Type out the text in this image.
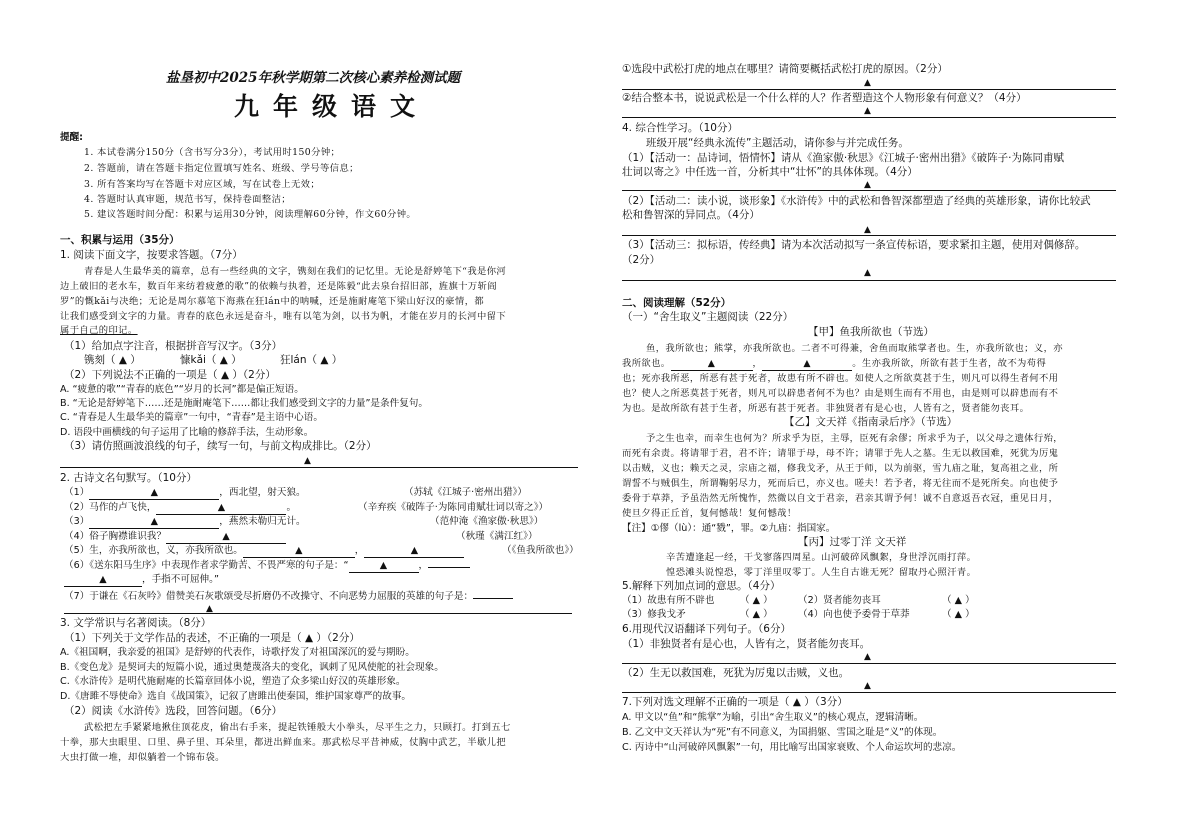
盐垦初中2025年秋学期第二次核心素养检测试题
九年级语文
提醒:
1. 本试卷满分150分（含书写分3分），考试用时150分钟；
2. 答题前，请在答题卡指定位置填写姓名、班级、学号等信息；
3. 所有答案均写在答题卡对应区域，写在试卷上无效；
4. 答题时认真审题，规范书写，保持卷面整洁；
5. 建议答题时间分配：积累与运用30分钟，阅读理解60分钟，作文60分钟。
一、积累与运用（35分）
1. 阅读下面文字，按要求答题。（7分）
青春是人生最华美的篇章，总有一些经典的文字，镌刻在我们的记忆里。无论是舒婷笔下“我是你河
边上破旧的老水车，数百年来纺着疲惫的歌”的依赖与执着，还是陈毅“此去泉台招旧部，旌旗十万斩阎
罗”的慨kǎi与决绝；无论是周尔慕笔下海燕在狂lán中的呐喊，还是施耐庵笔下梁山好汉的豪情，都
让我们感受到文字的力量。青春的底色永远是奋斗，唯有以笔为剑，以书为帆，才能在岁月的长河中留下
属于自己的印记。
（1）给加点字注音，根据拼音写汉字。（3分）
镌刻（ ▲ ）	慷kǎi（ ▲ ）	狂lán（ ▲ ）
（2）下列说法不正确的一项是（ ▲ ）（2分）
A. “疲惫的歌”“青春的底色”“岁月的长河”都是偏正短语。
B. “无论是舒婷笔下……还是施耐庵笔下……都让我们感受到文字的力量”是条件复句。
C. “青春是人生最华美的篇章”一句中，“青春”是主语中心语。
D. 语段中画横线的句子运用了比喻的修辞手法，生动形象。
（3）请仿照画波浪线的句子，续写一句，与前文构成排比。（2分）
▲
2. 古诗文名句默写。（10分）
（1）	▲	，西北望，射天狼。	（苏轼《江城子·密州出猎》）
（2）马作的卢飞快，	▲	。	（辛弃疾《破阵子·为陈同甫赋壮词以寄之》）
（3）	▲	，燕然未勒归无计。	（范仲淹《渔家傲·秋思》）
（4）俗子胸襟谁识我？	▲	（秋瑾《满江红》）
（5）生，亦我所欲也，义，亦我所欲也。	▲	，	▲	（《鱼我所欲也》）
（6）《送东阳马生序》中表现作者求学勤苦、不畏严寒的句子是：“	▲	，
▲	，手指不可屈伸。”
（7）于谦在《石灰吟》借赞美石灰歌颂受尽折磨仍不改操守、不向恶势力屈服的英雄的句子是：
▲
3. 文学常识与名著阅读。（8分）
（1）下列关于文学作品的表述，不正确的一项是（ ▲ ）（2分）
A.《祖国啊，我亲爱的祖国》是舒婷的代表作，诗歌抒发了对祖国深沉的爱与期盼。
B.《变色龙》是契诃夫的短篇小说，通过奥楚蔑洛夫的变化，讽刺了见风使舵的社会现象。
C.《水浒传》是明代施耐庵的长篇章回体小说，塑造了众多梁山好汉的英雄形象。
D.《唐雎不辱使命》选自《战国策》，记叙了唐雎出使秦国，维护国家尊严的故事。
（2）阅读《水浒传》选段，回答问题。（6分）
武松把左手紧紧地揪住顶花皮，偷出右手来，提起铁锤般大小拳头，尽平生之力，只顾打。打到五七
十拳，那大虫眼里、口里、鼻子里、耳朵里，都迸出鲜血来。那武松尽平昔神威，仗胸中武艺，半歇儿把
大虫打做一堆，却似躺着一个锦布袋。
①选段中武松打虎的地点在哪里？请简要概括武松打虎的原因。（2分）
▲
②结合整本书，说说武松是一个什么样的人？作者塑造这个人物形象有何意义？（4分）
▲
4. 综合性学习。（10分）
班级开展“经典永流传”主题活动，请你参与并完成任务。
（1）【活动一：品诗词，悟情怀】请从《渔家傲·秋思》《江城子·密州出猎》《破阵子·为陈同甫赋
壮词以寄之》中任选一首，分析其中“壮怀”的具体体现。（4分）
▲
（2）【活动二：读小说，谈形象】《水浒传》中的武松和鲁智深都塑造了经典的英雄形象，请你比较武
松和鲁智深的异同点。（4分）
▲
（3）【活动三：拟标语，传经典】请为本次活动拟写一条宣传标语，要求紧扣主题，使用对偶修辞。
（2分）
▲
二、阅读理解（52分）
（一）“舍生取义”主题阅读（22分）
【甲】鱼我所欲也（节选）
鱼，我所欲也；熊掌，亦我所欲也。二者不可得兼，舍鱼而取熊掌者也。生，亦我所欲也；义，亦
我所欲也。	▲	，	▲	。生亦我所欲，所欲有甚于生者，故不为苟得
也；死亦我所恶，所恶有甚于死者，故患有所不辟也。如使人之所欲莫甚于生，则凡可以得生者何不用
也？使人之所恶莫甚于死者，则凡可以辟患者何不为也？由是则生而有不用也，由是则可以辟患而有不
为也。是故所欲有甚于生者，所恶有甚于死者。非独贤者有是心也，人皆有之，贤者能勿丧耳。
【乙】文天祥《指南录后序》（节选）
予之生也幸，而幸生也何为？所求乎为臣，主辱，臣死有余僇；所求乎为子，以父母之遗体行殆，
而死有余责。将请罪于君，君不许；请罪于母，母不许；请罪于先人之墓。生无以救国难，死犹为厉鬼
以击贼，义也；赖天之灵，宗庙之福，修我戈矛，从王于师，以为前驱，雪九庙之耻，复高祖之业，所
谓誓不与贼俱生，所谓鞠躬尽力，死而后已，亦义也。嗟夫！若予者，将无往而不是死所矣。向也使予
委骨于草莽，予虽浩然无所愧怍，然微以自文于君亲，君亲其谓予何！诚不自意返吾衣冠，重见日月，
使旦夕得正丘首，复何憾哉！复何憾哉！
【注】①僇（lù）：通“戮”，罪。②九庙：指国家。
【丙】过零丁洋 文天祥
辛苦遭逢起一经，干戈寥落四周星。山河破碎风飘絮，身世浮沉雨打萍。
惶恐滩头说惶恐，零丁洋里叹零丁。人生自古谁无死？留取丹心照汗青。
5.解释下列加点词的意思。（4分）
（1）故患有所不辟也	（ ▲ ）	（2）贤者能勿丧耳	（ ▲ ）
（3）修我戈矛	（ ▲ ）	（4）向也使予委骨于草莽	（ ▲ ）
6.用现代汉语翻译下列句子。（6分）
（1）非独贤者有是心也，人皆有之，贤者能勿丧耳。
▲
（2）生无以救国难，死犹为厉鬼以击贼，义也。
▲
7.下列对选文理解不正确的一项是（ ▲ ）（3分）
A. 甲文以“鱼”和“熊掌”为喻，引出“舍生取义”的核心观点，逻辑清晰。
B. 乙文中文天祥认为“死”有不同意义，为国捐躯、雪国之耻是“义”的体现。
C. 丙诗中“山河破碎风飘絮”一句，用比喻写出国家衰败、个人命运坎坷的悲凉。
